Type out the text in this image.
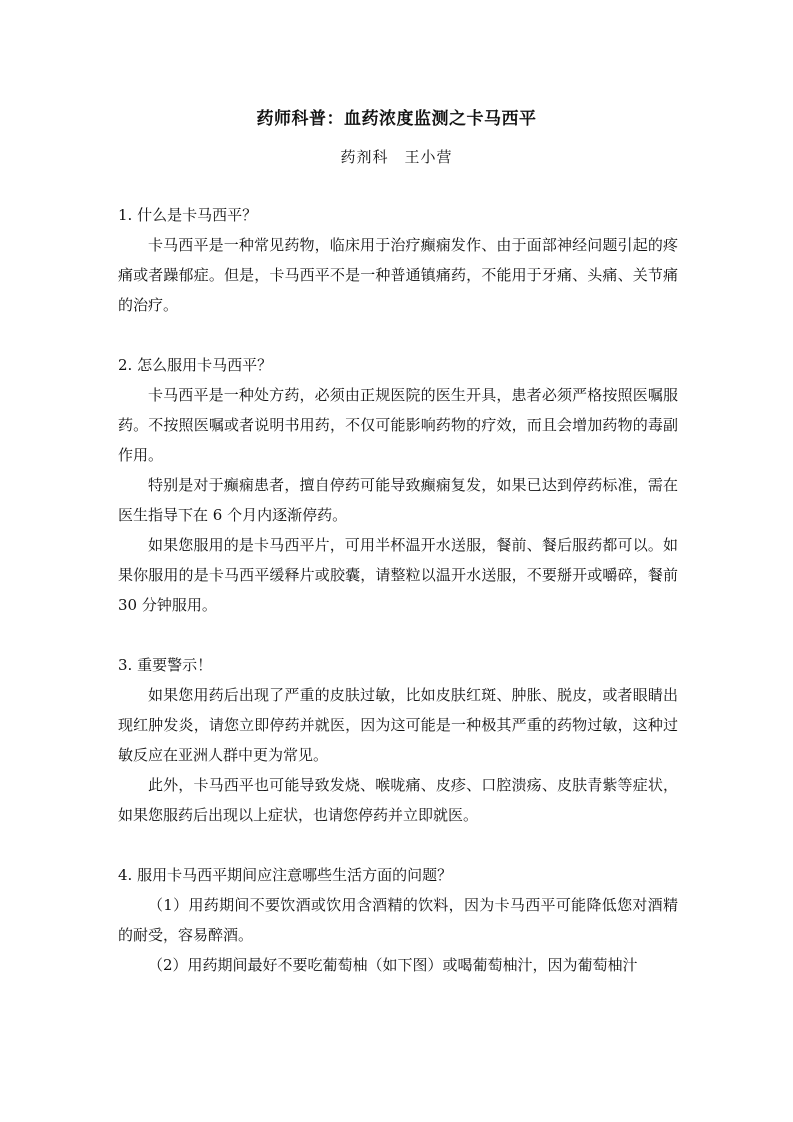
药师科普：血药浓度监测之卡马西平
药剂科 王小营

1. 什么是卡马西平？

卡马西平是一种常见药物，临床用于治疗癫痫发作、由于面部神经问题引起的疼痛或者躁郁症。但是，卡马西平不是一种普通镇痛药，不能用于牙痛、头痛、关节痛的治疗。

2. 怎么服用卡马西平？

卡马西平是一种处方药，必须由正规医院的医生开具，患者必须严格按照医嘱服药。不按照医嘱或者说明书用药，不仅可能影响药物的疗效，而且会增加药物的毒副作用。

特别是对于癫痫患者，擅自停药可能导致癫痫复发，如果已达到停药标准，需在医生指导下在 6 个月内逐渐停药。

如果您服用的是卡马西平片，可用半杯温开水送服，餐前、餐后服药都可以。如果你服用的是卡马西平缓释片或胶囊，请整粒以温开水送服，不要掰开或嚼碎，餐前 30 分钟服用。

3. 重要警示！

如果您用药后出现了严重的皮肤过敏，比如皮肤红斑、肿胀、脱皮，或者眼睛出现红肿发炎，请您立即停药并就医，因为这可能是一种极其严重的药物过敏，这种过敏反应在亚洲人群中更为常见。

此外，卡马西平也可能导致发烧、喉咙痛、皮疹、口腔溃疡、皮肤青紫等症状，如果您服药后出现以上症状，也请您停药并立即就医。

4. 服用卡马西平期间应注意哪些生活方面的问题？

（1）用药期间不要饮酒或饮用含酒精的饮料，因为卡马西平可能降低您对酒精的耐受，容易醉酒。

（2）用药期间最好不要吃葡萄柚（如下图）或喝葡萄柚汁，因为葡萄柚汁
